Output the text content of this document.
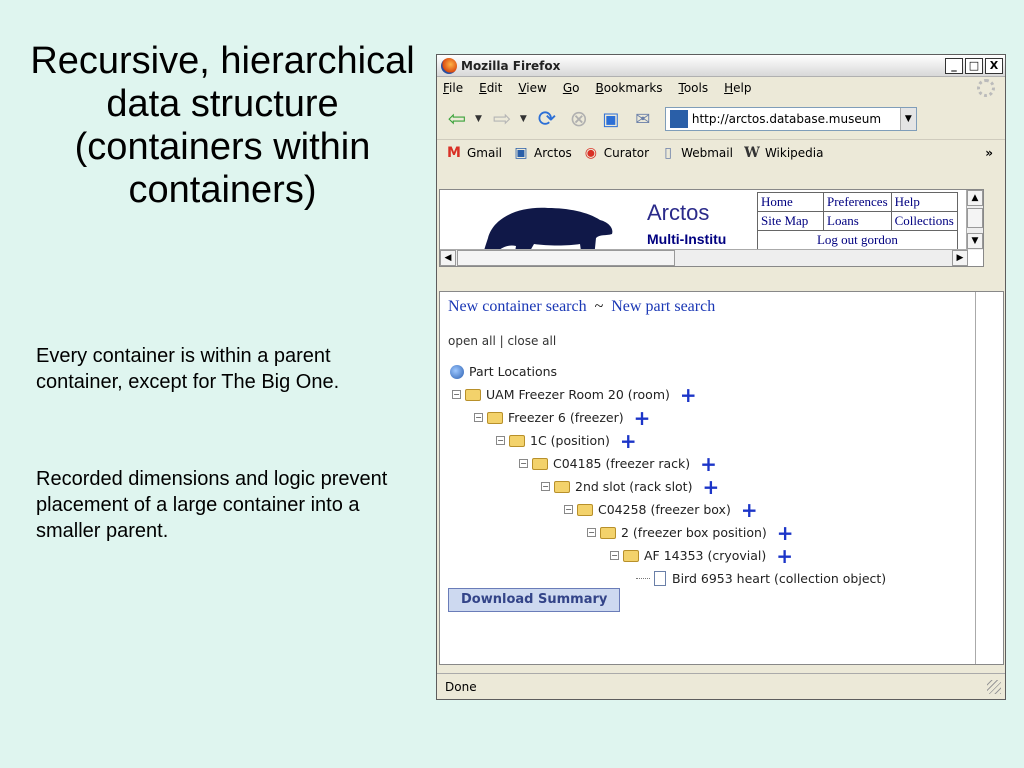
Recursive, hierarchical data structure (containers within containers)
Every container is within a parent container, except for The Big One.
Recorded dimensions and logic prevent placement of a large container into a smaller parent.
Mozilla Firefox	_	□ X
File Edit View Go Bookmarks Tools Help
⇦ ▼ ⇨ ▼ ⟳ ⊗ ▣ ✉	http://arctos.database.museum	▼
M Gmail ▣ Arctos ◉ Curator	▯ Webmail W Wikipedia	»
Arctos
Multi-Institu
Home	Preferences	Help
Site Map	Loans	Collections
Log out gordon		
▲
▼
◀	▶
New container search ~ New part search
open all | close all
Part Locations
− UAM Freezer Room 20 (room) +
− Freezer 6 (freezer) +
− 1C (position) +
− C04185 (freezer rack) +
− 2nd slot (rack slot) +
− C04258 (freezer box) +
− 2 (freezer box position) +
− AF 14353 (cryovial) +
Bird 6953 heart (collection object)
Download Summary
Done
